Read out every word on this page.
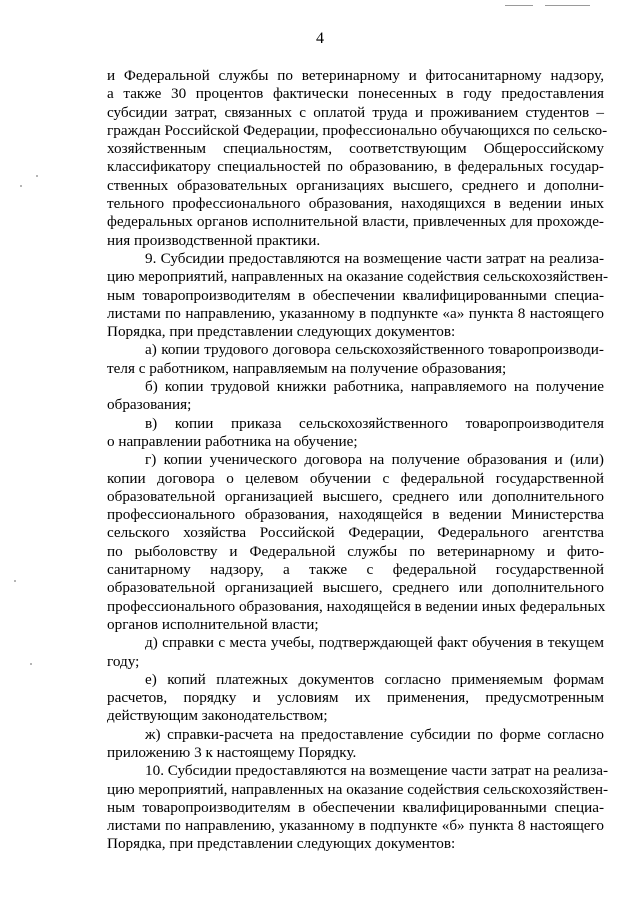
4
и Федеральной службы по ветеринарному и фитосанитарному надзору,
а также 30 процентов фактически понесенных в году предоставления
субсидии затрат, связанных с оплатой труда и проживанием студентов –
граждан Российской Федерации, профессионально обучающихся по сельско-
хозяйственным специальностям, соответствующим Общероссийскому
классификатору специальностей по образованию, в федеральных государ-
ственных образовательных организациях высшего, среднего и дополни-
тельного профессионального образования, находящихся в ведении иных
федеральных органов исполнительной власти, привлеченных для прохожде-
ния производственной практики.
9. Субсидии предоставляются на возмещение части затрат на реализа-
цию мероприятий, направленных на оказание содействия сельскохозяйствен-
ным товаропроизводителям в обеспечении квалифицированными специа-
листами по направлению, указанному в подпункте «а» пункта 8 настоящего
Порядка, при представлении следующих документов:
а) копии трудового договора сельскохозяйственного товаропроизводи-
теля с работником, направляемым на получение образования;
б) копии трудовой книжки работника, направляемого на получение
образования;
в) копии приказа сельскохозяйственного товаропроизводителя
о направлении работника на обучение;
г) копии ученического договора на получение образования и (или)
копии договора о целевом обучении с федеральной государственной
образовательной организацией высшего, среднего или дополнительного
профессионального образования, находящейся в ведении Министерства
сельского хозяйства Российской Федерации, Федерального агентства
по рыболовству и Федеральной службы по ветеринарному и фито-
санитарному надзору, а также с федеральной государственной
образовательной организацией высшего, среднего или дополнительного
профессионального образования, находящейся в ведении иных федеральных
органов исполнительной власти;
д) справки с места учебы, подтверждающей факт обучения в текущем
году;
е) копий платежных документов согласно применяемым формам
расчетов, порядку и условиям их применения, предусмотренным
действующим законодательством;
ж) справки-расчета на предоставление субсидии по форме согласно
приложению 3 к настоящему Порядку.
10. Субсидии предоставляются на возмещение части затрат на реализа-
цию мероприятий, направленных на оказание содействия сельскохозяйствен-
ным товаропроизводителям в обеспечении квалифицированными специа-
листами по направлению, указанному в подпункте «б» пункта 8 настоящего
Порядка, при представлении следующих документов:
